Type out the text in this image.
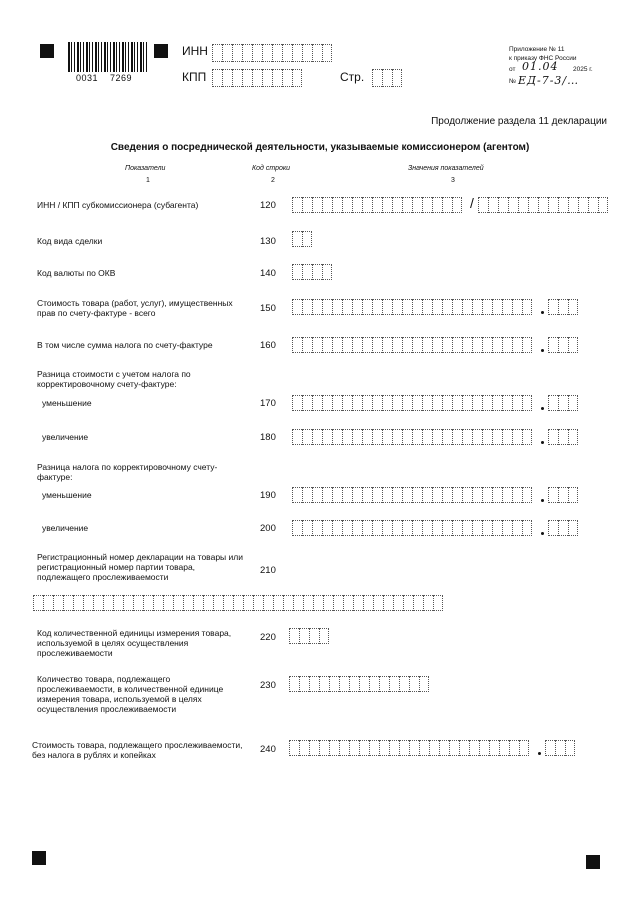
0031 7269
ИНН
КПП	Стр.
Приложение № 11
к приказу ФНС России
от 01.04 2025 г.
№ ЕД-7-3/…
Продолжение раздела 11 декларации
Сведения о посреднической деятельности, указываемые комиссионером (агентом)
Показатели	Код строки	Значения показателей
1	2	3
ИНН / КПП субкомиссионера (субагента)	120	/
Код вида сделки	130
Код валюты по ОКВ	140
Стоимость товара (работ, услуг), имущественных прав по счету-фактуре - всего	150
В том числе сумма налога по счету-фактуре	160
Разница стоимости с учетом налога по корректировочному счету-фактуре:
уменьшение	170
увеличение	180
Разница налога по корректировочному счету-фактуре:
уменьшение	190
увеличение	200
Регистрационный номер декларации на товары или регистрационный номер партии товара, подлежащего прослеживаемости
210
Код количественной единицы измерения товара, используемой в целях осуществления прослеживаемости
220
Количество товара, подлежащего прослеживаемости, в количественной единице измерения товара, используемой в целях осуществления прослеживаемости
230
Стоимость товара, подлежащего прослеживаемости, без налога в рублях и копейках	240
